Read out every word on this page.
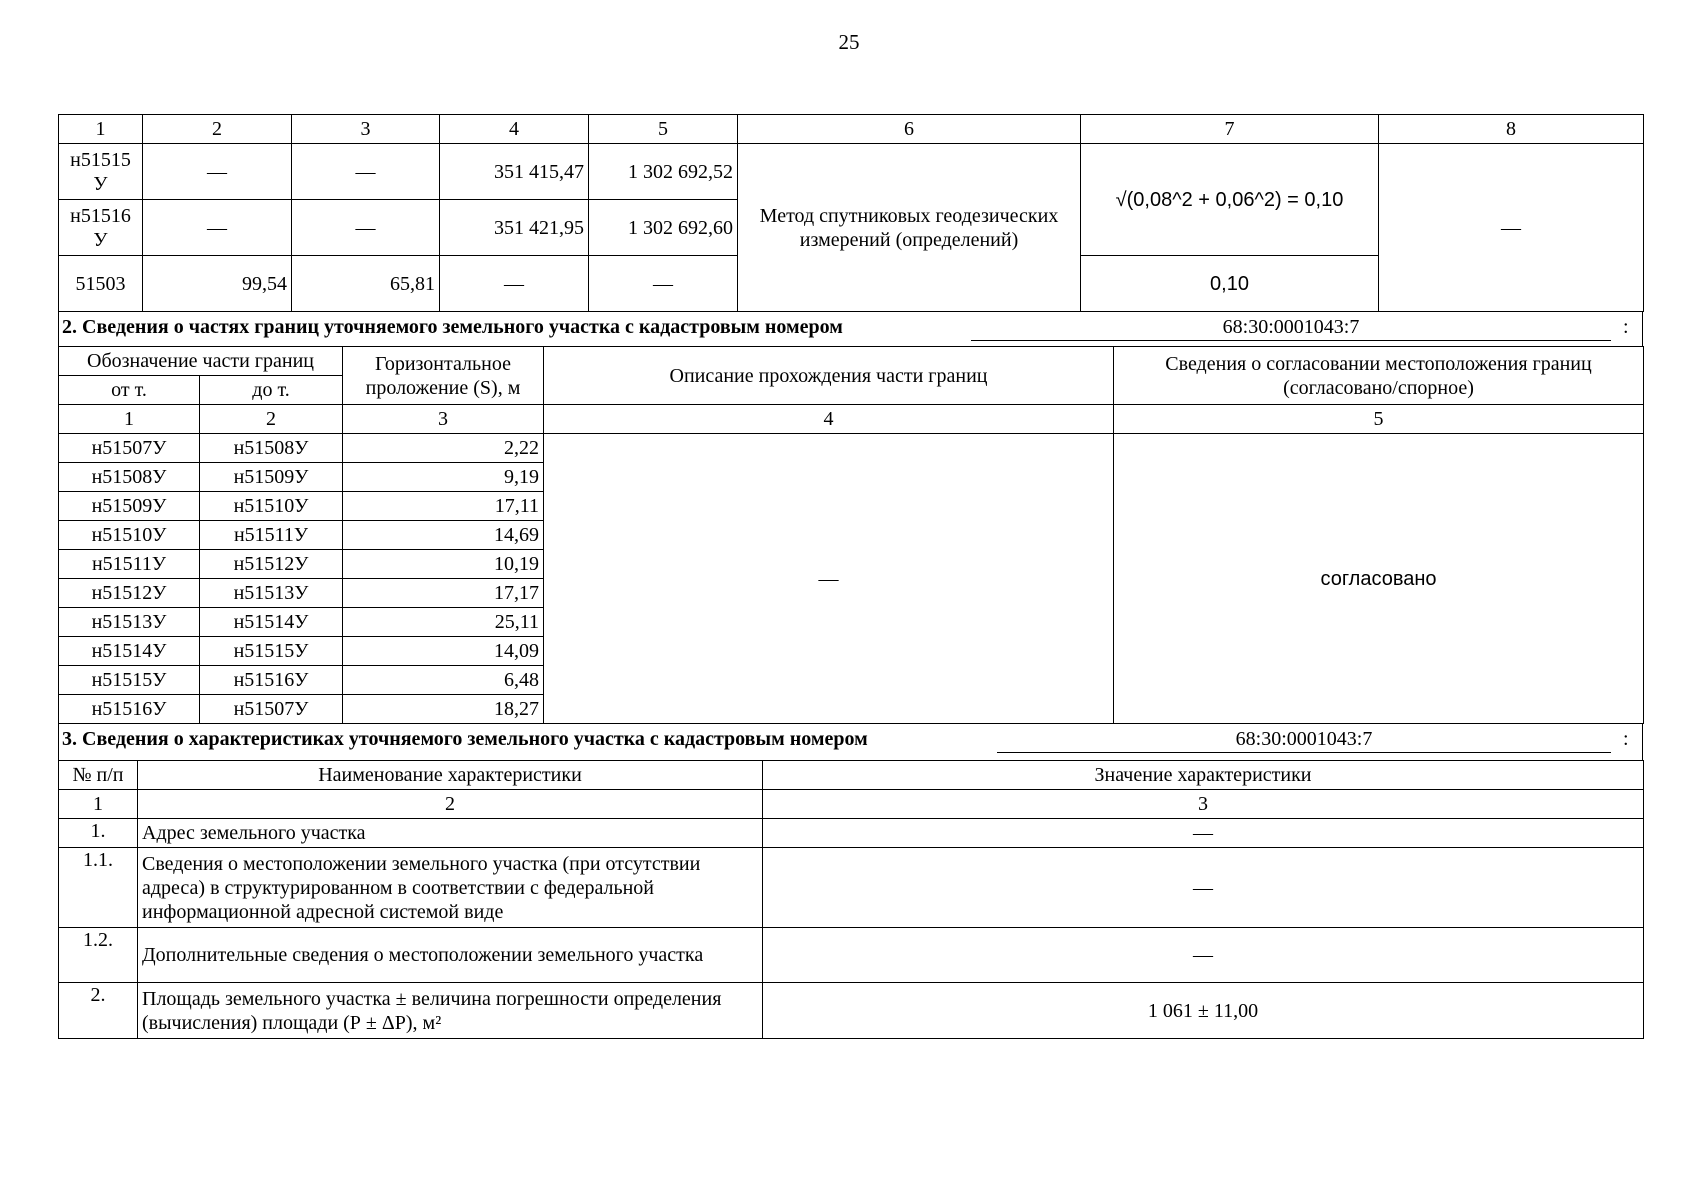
25
1	2	3	4	5	6	7	8
н51515 У	—	—	351 415,47	1 302 692,52	Метод спутниковых геодезических измерений (определений)	√(0,08^2 + 0,06^2) = 0,10	—
н51516 У	—	—	351 421,95	1 302 692,60			
51503	99,54	65,81	—	—		0,10	
2. Сведения о частях границ уточняемого земельного участка с кадастровым номером	68:30:0001043:7	:
Обозначение части границ		Горизонтальное проложение (S), м	Описание прохождения части границ	Сведения о согласовании местоположения границ (согласовано/спорное)
от т.	до т.			
1	2	3	4	5
н51507У	н51508У	2,22	—	согласовано
н51508У	н51509У	9,19		
н51509У	н51510У	17,11		
н51510У	н51511У	14,69		
н51511У	н51512У	10,19		
н51512У	н51513У	17,17		
н51513У	н51514У	25,11		
н51514У	н51515У	14,09		
н51515У	н51516У	6,48		
н51516У	н51507У	18,27		
3. Сведения о характеристиках уточняемого земельного участка с кадастровым номером	68:30:0001043:7	:
№ п/п	Наименование характеристики	Значение характеристики
1	2	3
1.	Адрес земельного участка	—
1.1.	Сведения о местоположении земельного участка (при отсутствии адреса) в структурированном в соответствии с федеральной информационной адресной системой виде	—
1.2.	Дополнительные сведения о местоположении земельного участка	—
2.	Площадь земельного участка ± величина погрешности определения (вычисления) площади (Р ± ΔР), м²	1 061 ± 11,00
